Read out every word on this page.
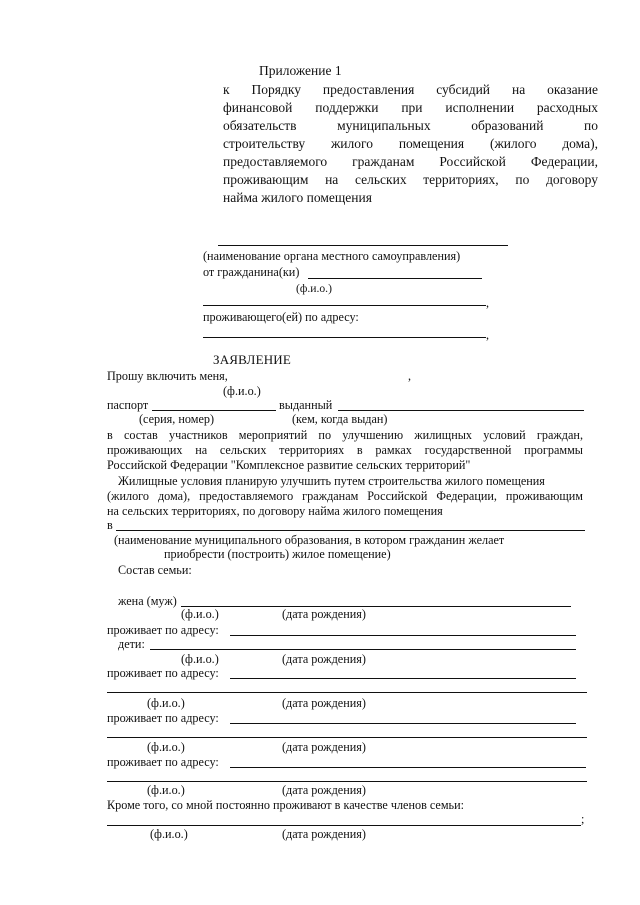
Приложение 1
к Порядку предоставления субсидий на оказание
финансовой поддержки при исполнении расходных
обязательств муниципальных образований по
строительству жилого помещения (жилого дома),
предоставляемого гражданам Российской Федерации,
проживающим на сельских территориях, по договору
найма жилого помещения
(наименование органа местного самоуправления)
от гражданина(ки)
(ф.и.о.)
,
проживающего(ей) по адресу:
,
ЗАЯВЛЕНИЕ
Прошу включить меня,	,
(ф.и.о.)
паспорт	выданный
(серия, номер)	(кем, когда выдан)
в состав участников мероприятий по улучшению жилищных условий граждан,
проживающих на сельских территориях в рамках государственной программы
Российской Федерации "Комплексное развитие сельских территорий"
Жилищные условия планирую улучшить путем строительства жилого помещения
(жилого дома), предоставляемого гражданам Российской Федерации, проживающим
на сельских территориях, по договору найма жилого помещения
в
(наименование муниципального образования, в котором гражданин желает
приобрести (построить) жилое помещение)
Состав семьи:
жена (муж)
(ф.и.о.)	(дата рождения)
проживает по адресу:
дети:
(ф.и.о.)	(дата рождения)
проживает по адресу:
(ф.и.о.)	(дата рождения)
проживает по адресу:
(ф.и.о.)	(дата рождения)
проживает по адресу:
(ф.и.о.)	(дата рождения)
Кроме того, со мной постоянно проживают в качестве членов семьи:
;
(ф.и.о.)	(дата рождения)
